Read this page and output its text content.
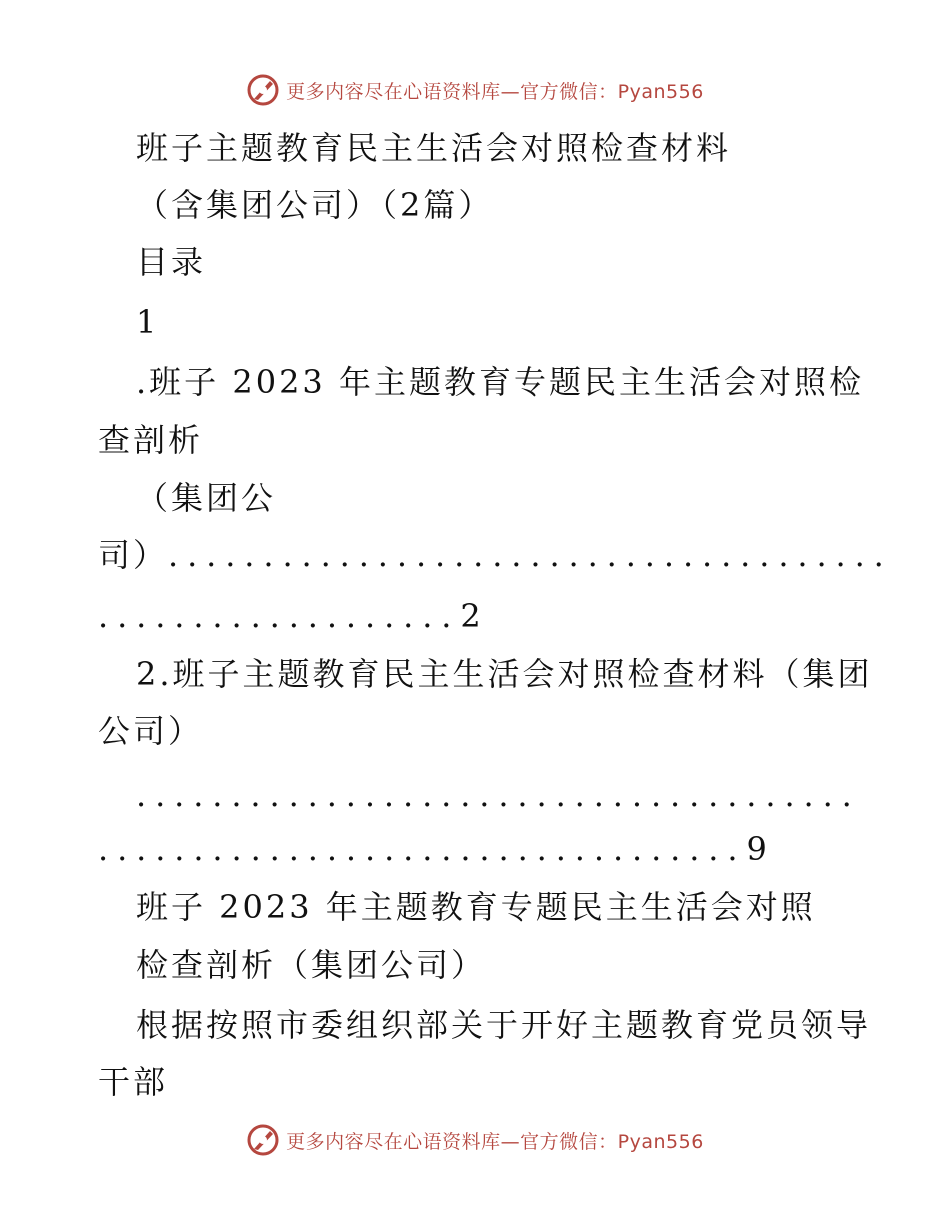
更多内容尽在心语资料库—官方微信：Pyan556
班子主题教育民主生活会对照检查材料
（含集团公司）（2篇）
目录
1
.班子 2023 年主题教育专题民主生活会对照检
查剖析
（集团公
司）......................................
...................2
2.班子主题教育民主生活会对照检查材料（集团
公司）
......................................
..................................9
班子 2023 年主题教育专题民主生活会对照
检查剖析（集团公司）
根据按照市委组织部关于开好主题教育党员领导
干部
更多内容尽在心语资料库—官方微信：Pyan556
